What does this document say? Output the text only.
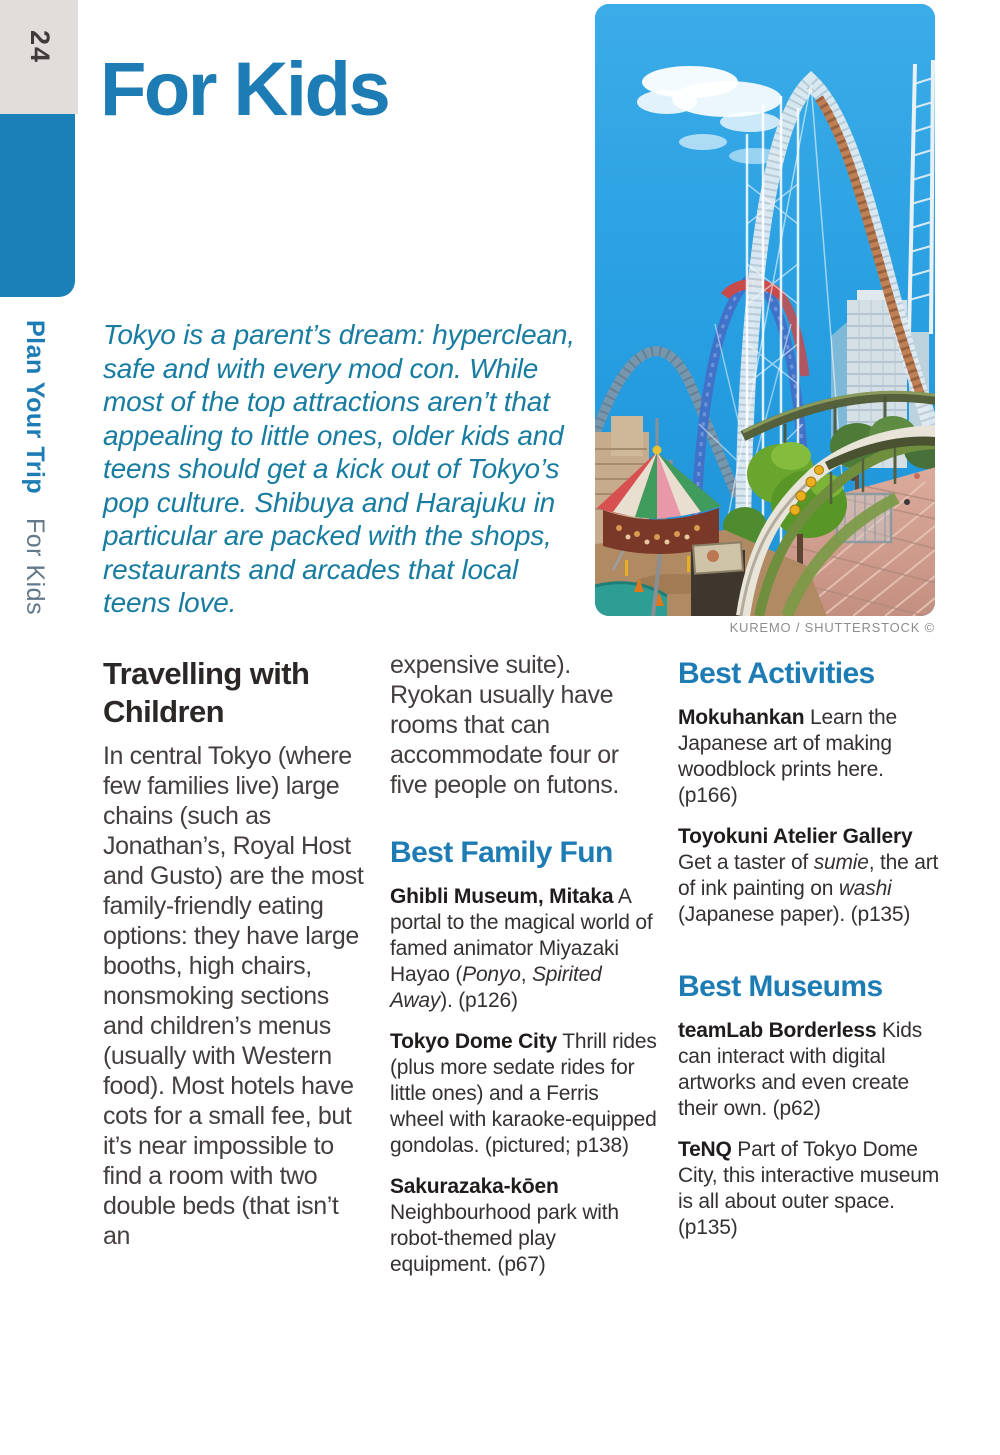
24
Plan Your Trip For Kids
For Kids

Tokyo is a parent’s dream: hyperclean, safe and with every mod con. While most of the top attractions aren’t that appealing to little ones, older kids and teens should get a kick out of Tokyo’s pop culture. Shibuya and Harajuku in particular are packed with the shops, restaurants and arcades that local teens love.

KUREMO / SHUTTERSTOCK ©
Travelling with Children

In central Tokyo (where few families live) large chains (such as Jonathan’s, Royal Host and Gusto) are the most family-friendly eating options: they have large booths, high chairs, nonsmoking sections and children’s menus (usually with Western food). Most hotels have cots for a small fee, but it’s near impossible to find a room with two double beds (that isn’t an

expensive suite). Ryokan usually have rooms that can accommodate four or five people on futons.

Best Family Fun

Ghibli Museum, Mitaka A portal to the magical world of famed animator Miyazaki Hayao (Ponyo, Spirited Away). (p126)

Tokyo Dome City Thrill rides (plus more sedate rides for little ones) and a Ferris wheel with karaoke-equipped gondolas. (pictured; p138)

Sakurazaka-kōen Neighbourhood park with robot-themed play equipment. (p67)

Best Activities

Mokuhankan Learn the Japanese art of making woodblock prints here. (p166)

Toyokuni Atelier Gallery Get a taster of sumie, the art of ink painting on washi (Japanese paper). (p135)

Best Museums

teamLab Borderless Kids can interact with digital artworks and even create their own. (p62)

TeNQ Part of Tokyo Dome City, this interactive museum is all about outer space. (p135)
